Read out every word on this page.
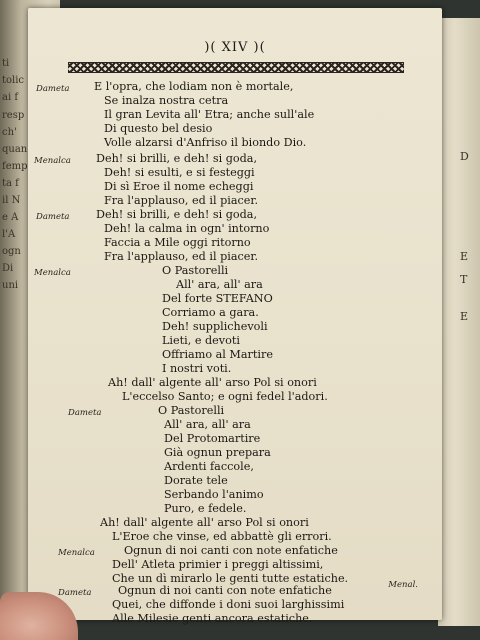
ti
tolic
ai f
resp
ch'
quan
femp
ta f
il N
e A
l'A
ogn
Di
uni
D
E
T
E
)( XIV )(
Dameta E l'opra, che lodiam non è mortale,
Se inalza nostra cetra
Il gran Levita all' Etra; anche sull'ale
Di questo bel desio
Volle alzarsi d'Anfriso il biondo Dio.
Menalca Deh! si brilli, e deh! si goda,
Deh! si esulti, e si festeggi
Di sì Eroe il nome echeggi
Fra l'applauso, ed il piacer.
Dameta Deh! si brilli, e deh! si goda,
Deh! la calma in ogn' intorno
Faccia a Mile oggi ritorno
Fra l'applauso, ed il piacer.
Menalca	O Pastorelli
All' ara, all' ara
Del forte STEFANO
Corriamo a gara.
Deh! supplichevoli
Lieti, e devoti
Offriamo al Martire
I nostri voti.
Ah! dall' algente all' arso Pol si onori
L'eccelso Santo; e ogni fedel l'adori.
Dameta	O Pastorelli
All' ara, all' ara
Del Protomartire
Già ognun prepara
Ardenti faccole,
Dorate tele
Serbando l'animo
Puro, e fedele.
Ah! dall' algente all' arso Pol si onori
L'Eroe che vinse, ed abbattè gli errori.
Menalca	Ognun di noi canti con note enfatiche
Dell' Atleta primier i preggi altissimi,
Che un dì mirarlo le genti tutte estatiche.
Dameta Ognun di noi canti con note enfatiche
Quei, che diffonde i doni suoi larghissimi
Alle Milesie genti ancora estatiche.
Menal.
